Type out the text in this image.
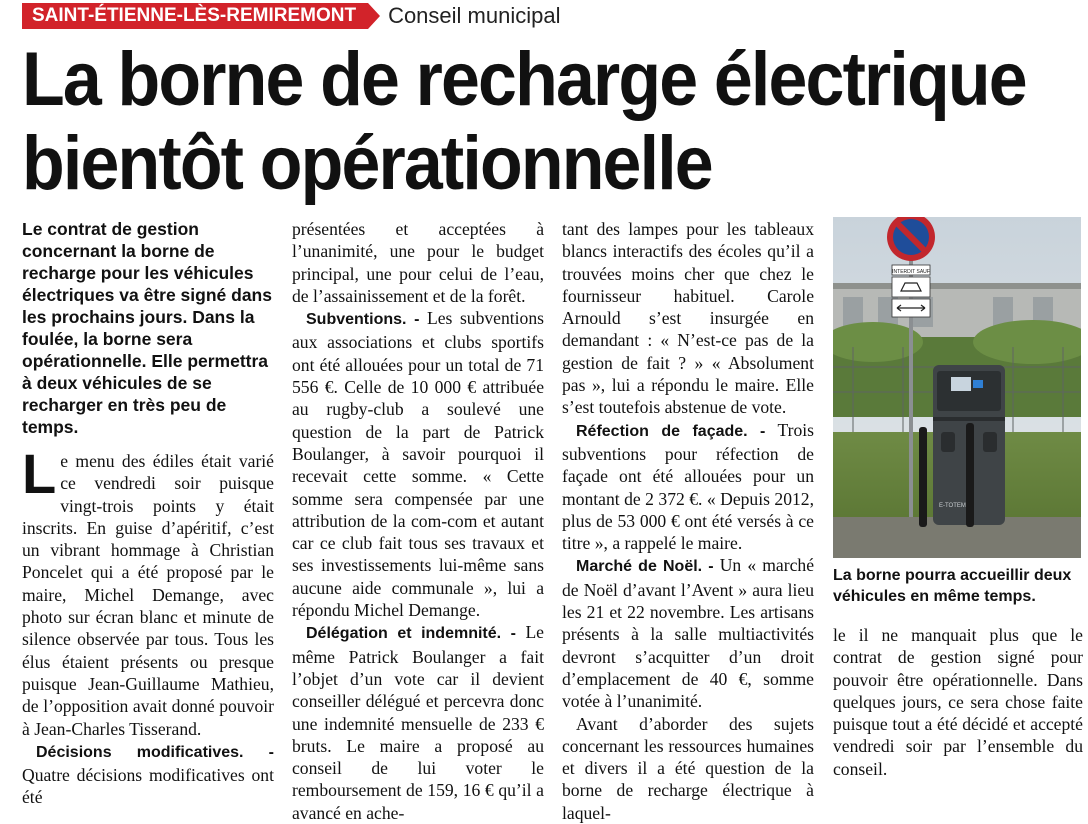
SAINT-ÉTIENNE-LÈS-REMIREMONT	Conseil municipal
La borne de recharge électrique
bientôt opérationnelle
Le contrat de gestion concernant la borne de recharge pour les véhicules électriques va être signé dans les prochains jours. Dans la foulée, la borne sera opérationnelle. Elle permettra à deux véhicules de se recharger en très peu de temps.

Le menu des édiles était varié ce vendredi soir puisque vingt-trois points y était inscrits. En guise d’apéritif, c’est un vibrant hommage à Christian Poncelet qui a été proposé par le maire, Michel Demange, avec photo sur écran blanc et minute de silence observée par tous. Tous les élus étaient présents ou presque puisque Jean-Guillaume Mathieu, de l’opposition avait donné pouvoir à Jean-Charles Tisserand.

Décisions modificatives. - Quatre décisions modificatives ont été

présentées et acceptées à l’unanimité, une pour le budget principal, une pour celui de l’eau, de l’assainissement et de la forêt.

Subventions. - Les subventions aux associations et clubs sportifs ont été allouées pour un total de 71 556 €. Celle de 10 000 € attribuée au rugby-club a soulevé une question de la part de Patrick Boulanger, à savoir pourquoi il recevait cette somme. « Cette somme sera compensée par une attribution de la com-com et autant car ce club fait tous ses travaux et ses investissements lui-même sans aucune aide communale », lui a répondu Michel Demange.

Délégation et indemnité. - Le même Patrick Boulanger a fait l’objet d’un vote car il devient conseiller délégué et percevra donc une indemnité mensuelle de 233 € bruts. Le maire a proposé au conseil de lui voter le remboursement de 159, 16 € qu’il a avancé en ache-

tant des lampes pour les tableaux blancs interactifs des écoles qu’il a trouvées moins cher que chez le fournisseur habituel. Carole Arnould s’est insurgée en demandant : « N’est-ce pas de la gestion de fait ? » « Absolument pas », lui a répondu le maire. Elle s’est toutefois abstenue de vote.

Réfection de façade. - Trois subventions pour réfection de façade ont été allouées pour un montant de 2 372 €. « Depuis 2012, plus de 53 000 € ont été versés à ce titre », a rappelé le maire.

Marché de Noël. - Un « marché de Noël d’avant l’Avent » aura lieu les 21 et 22 novembre. Les artisans présents à la salle multiactivités devront s’acquitter d’un droit d’emplacement de 40 €, somme votée à l’unanimité.

Avant d’aborder des sujets concernant les ressources humaines et divers il a été question de la borne de recharge électrique à laquel-

INTERDIT SAUF
E-TOTEM
La borne pourra accueillir deux véhicules en même temps.

le il ne manquait plus que le contrat de gestion signé pour pouvoir être opérationnelle. Dans quelques jours, ce sera chose faite puisque tout a été décidé et accepté vendredi soir par l’ensemble du conseil.
